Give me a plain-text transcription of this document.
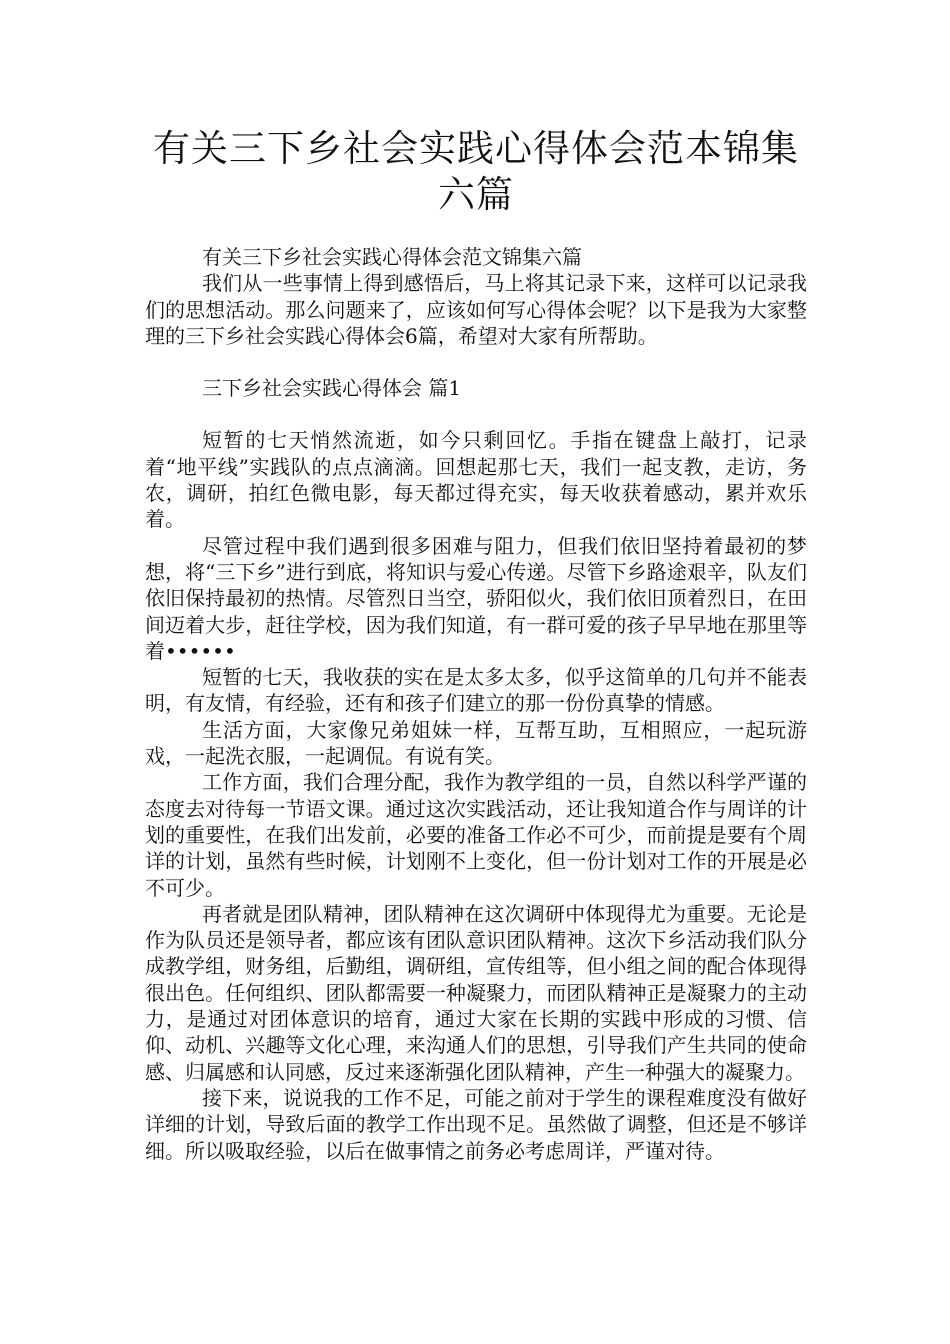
有关三下乡社会实践心得体会范本锦集六篇

有关三下乡社会实践心得体会范文锦集六篇

我们从一些事情上得到感悟后，马上将其记录下来，这样可以记录我们的思想活动。那么问题来了，应该如何写心得体会呢？以下是我为大家整理的三下乡社会实践心得体会6篇，希望对大家有所帮助。

三下乡社会实践心得体会 篇1

短暂的七天悄然流逝，如今只剩回忆。手指在键盘上敲打，记录着“地平线”实践队的点点滴滴。回想起那七天，我们一起支教，走访，务农，调研，拍红色微电影，每天都过得充实，每天收获着感动，累并欢乐着。

尽管过程中我们遇到很多困难与阻力，但我们依旧坚持着最初的梦想，将“三下乡”进行到底，将知识与爱心传递。尽管下乡路途艰辛，队友们依旧保持最初的热情。尽管烈日当空，骄阳似火，我们依旧顶着烈日，在田间迈着大步，赶往学校，因为我们知道，有一群可爱的孩子早早地在那里等着••••••

短暂的七天，我收获的实在是太多太多，似乎这简单的几句并不能表明，有友情，有经验，还有和孩子们建立的那一份份真挚的情感。

生活方面，大家像兄弟姐妹一样，互帮互助，互相照应，一起玩游戏，一起洗衣服，一起调侃。有说有笑。

工作方面，我们合理分配，我作为教学组的一员，自然以科学严谨的态度去对待每一节语文课。通过这次实践活动，还让我知道合作与周详的计划的重要性，在我们出发前，必要的准备工作必不可少，而前提是要有个周详的计划，虽然有些时候，计划刚不上变化，但一份计划对工作的开展是必不可少。

再者就是团队精神，团队精神在这次调研中体现得尤为重要。无论是作为队员还是领导者，都应该有团队意识团队精神。这次下乡活动我们队分成教学组，财务组，后勤组，调研组，宣传组等，但小组之间的配合体现得很出色。任何组织、团队都需要一种凝聚力，而团队精神正是凝聚力的主动力，是通过对团体意识的培育，通过大家在长期的实践中形成的习惯、信仰、动机、兴趣等文化心理，来沟通人们的思想，引导我们产生共同的使命感、归属感和认同感，反过来逐渐强化团队精神，产生一种强大的凝聚力。

接下来，说说我的工作不足，可能之前对于学生的课程难度没有做好详细的计划，导致后面的教学工作出现不足。虽然做了调整，但还是不够详细。所以吸取经验，以后在做事情之前务必考虑周详，严谨对待。
